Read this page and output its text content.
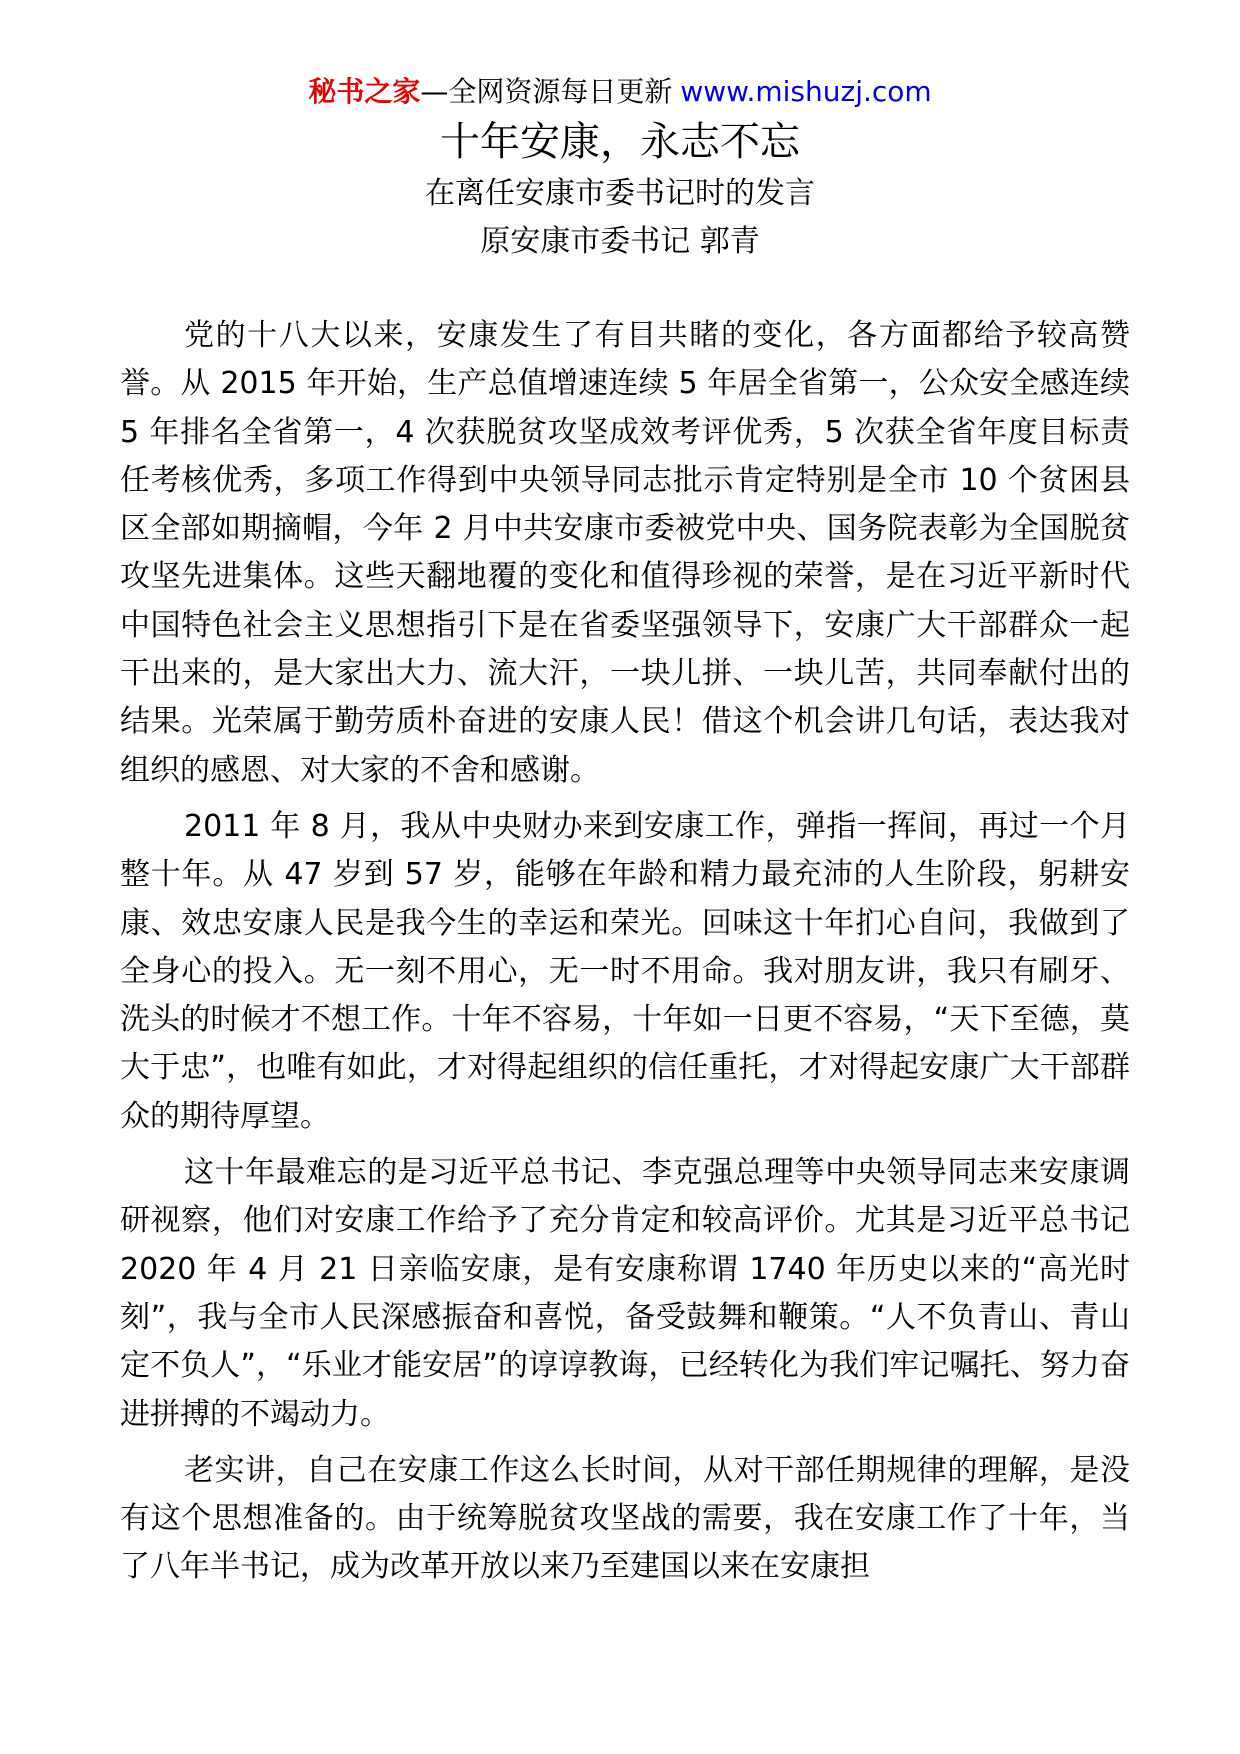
秘书之家—全网资源每日更新 www.mishuzj.com
十年安康，永志不忘
在离任安康市委书记时的发言
原安康市委书记 郭青

党的十八大以来，安康发生了有目共睹的变化，各方面都给予较高赞誉。从 2015 年开始，生产总值增速连续 5 年居全省第一，公众安全感连续 5 年排名全省第一，4 次获脱贫攻坚成效考评优秀，5 次获全省年度目标责任考核优秀，多项工作得到中央领导同志批示肯定特别是全市 10 个贫困县区全部如期摘帽，今年 2 月中共安康市委被党中央、国务院表彰为全国脱贫攻坚先进集体。这些天翻地覆的变化和值得珍视的荣誉，是在习近平新时代中国特色社会主义思想指引下是在省委坚强领导下，安康广大干部群众一起干出来的，是大家出大力、流大汗，一块儿拼、一块儿苦，共同奉献付出的结果。光荣属于勤劳质朴奋进的安康人民！借这个机会讲几句话，表达我对组织的感恩、对大家的不舍和感谢。

2011 年 8 月，我从中央财办来到安康工作，弹指一挥间，再过一个月整十年。从 47 岁到 57 岁，能够在年龄和精力最充沛的人生阶段，躬耕安康、效忠安康人民是我今生的幸运和荣光。回味这十年扪心自问，我做到了全身心的投入。无一刻不用心，无一时不用命。我对朋友讲，我只有刷牙、洗头的时候才不想工作。十年不容易，十年如一日更不容易，“天下至德，莫大于忠”，也唯有如此，才对得起组织的信任重托，才对得起安康广大干部群众的期待厚望。

这十年最难忘的是习近平总书记、李克强总理等中央领导同志来安康调研视察，他们对安康工作给予了充分肯定和较高评价。尤其是习近平总书记 2020 年 4 月 21 日亲临安康，是有安康称谓 1740 年历史以来的“高光时刻”，我与全市人民深感振奋和喜悦，备受鼓舞和鞭策。“人不负青山、青山定不负人”，“乐业才能安居”的谆谆教诲，已经转化为我们牢记嘱托、努力奋进拼搏的不竭动力。

老实讲，自己在安康工作这么长时间，从对干部任期规律的理解，是没有这个思想准备的。由于统筹脱贫攻坚战的需要，我在安康工作了十年，当了八年半书记，成为改革开放以来乃至建国以来在安康担
